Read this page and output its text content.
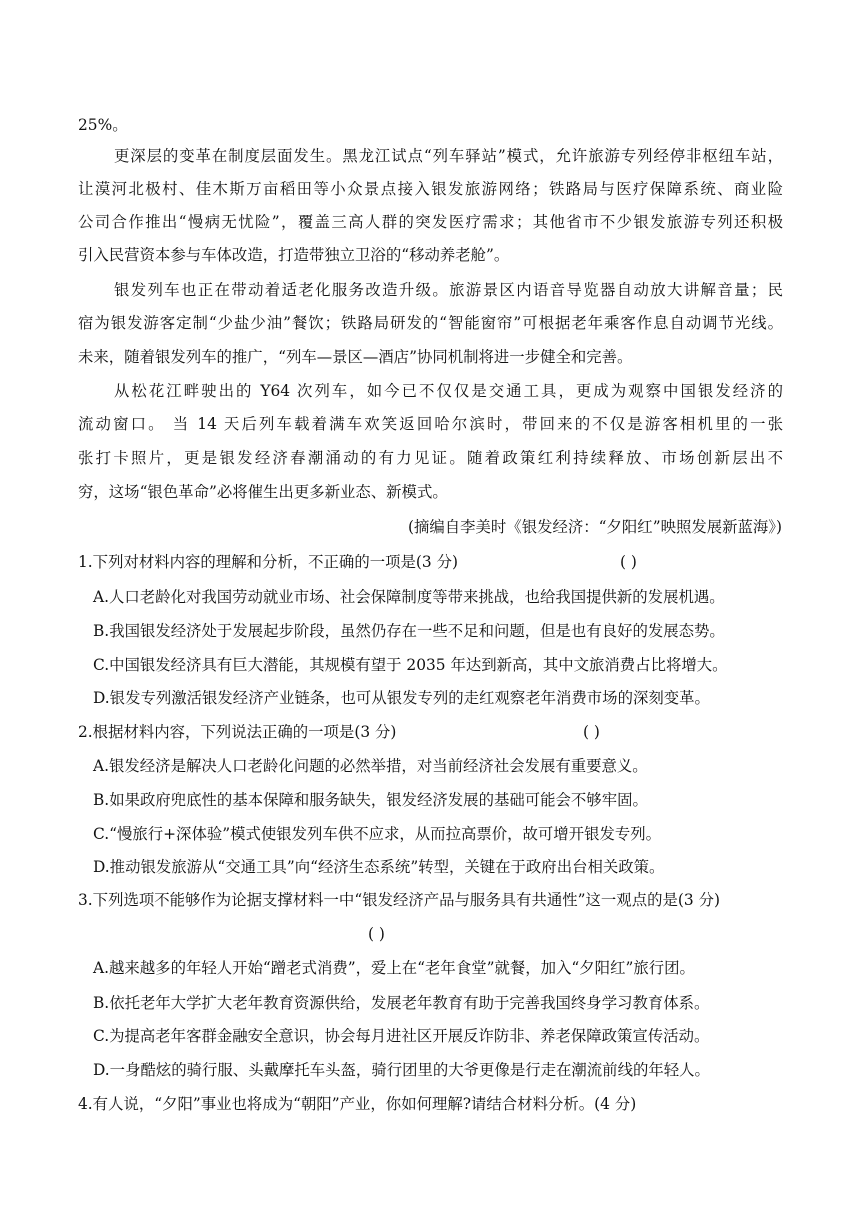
25%。
更深层的变革在制度层面发生。黑龙江试点“列车驿站”模式，允许旅游专列经停非枢纽车站，
让漠河北极村、佳木斯万亩稻田等小众景点接入银发旅游网络；铁路局与医疗保障系统、商业险
公司合作推出“慢病无忧险”，覆盖三高人群的突发医疗需求；其他省市不少银发旅游专列还积极
引入民营资本参与车体改造，打造带独立卫浴的“移动养老舱”。
银发列车也正在带动着适老化服务改造升级。旅游景区内语音导览器自动放大讲解音量；民
宿为银发游客定制“少盐少油”餐饮；铁路局研发的“智能窗帘”可根据老年乘客作息自动调节光线。
未来，随着银发列车的推广，“列车—景区—酒店”协同机制将进一步健全和完善。
从松花江畔驶出的 Y64 次列车，如今已不仅仅是交通工具，更成为观察中国银发经济的
流动窗口。 当 14 天后列车载着满车欢笑返回哈尔滨时，带回来的不仅是游客相机里的一张
张打卡照片，更是银发经济春潮涌动的有力见证。随着政策红利持续释放、市场创新层出不
穷，这场“银色革命”必将催生出更多新业态、新模式。
(摘编自李美时《银发经济：“夕阳红”映照发展新蓝海》)
1.下列对材料内容的理解和分析，不正确的一项是(3 分)	( )
A.人口老龄化对我国劳动就业市场、社会保障制度等带来挑战，也给我国提供新的发展机遇。
B.我国银发经济处于发展起步阶段，虽然仍存在一些不足和问题，但是也有良好的发展态势。
C.中国银发经济具有巨大潜能，其规模有望于 2035 年达到新高，其中文旅消费占比将增大。
D.银发专列激活银发经济产业链条，也可从银发专列的走红观察老年消费市场的深刻变革。
2.根据材料内容，下列说法正确的一项是(3 分)	( )
A.银发经济是解决人口老龄化问题的必然举措，对当前经济社会发展有重要意义。
B.如果政府兜底性的基本保障和服务缺失，银发经济发展的基础可能会不够牢固。
C.“慢旅行+深体验”模式使银发列车供不应求，从而拉高票价，故可增开银发专列。
D.推动银发旅游从“交通工具”向“经济生态系统”转型，关键在于政府出台相关政策。
3.下列选项不能够作为论据支撑材料一中“银发经济产品与服务具有共通性”这一观点的是(3 分)
( )
A.越来越多的年轻人开始“蹭老式消费”，爱上在“老年食堂”就餐，加入“夕阳红”旅行团。
B.依托老年大学扩大老年教育资源供给，发展老年教育有助于完善我国终身学习教育体系。
C.为提高老年客群金融安全意识，协会每月进社区开展反诈防非、养老保障政策宣传活动。
D.一身酷炫的骑行服、头戴摩托车头盔，骑行团里的大爷更像是行走在潮流前线的年轻人。
4.有人说，“夕阳”事业也将成为“朝阳”产业，你如何理解?请结合材料分析。(4 分)
